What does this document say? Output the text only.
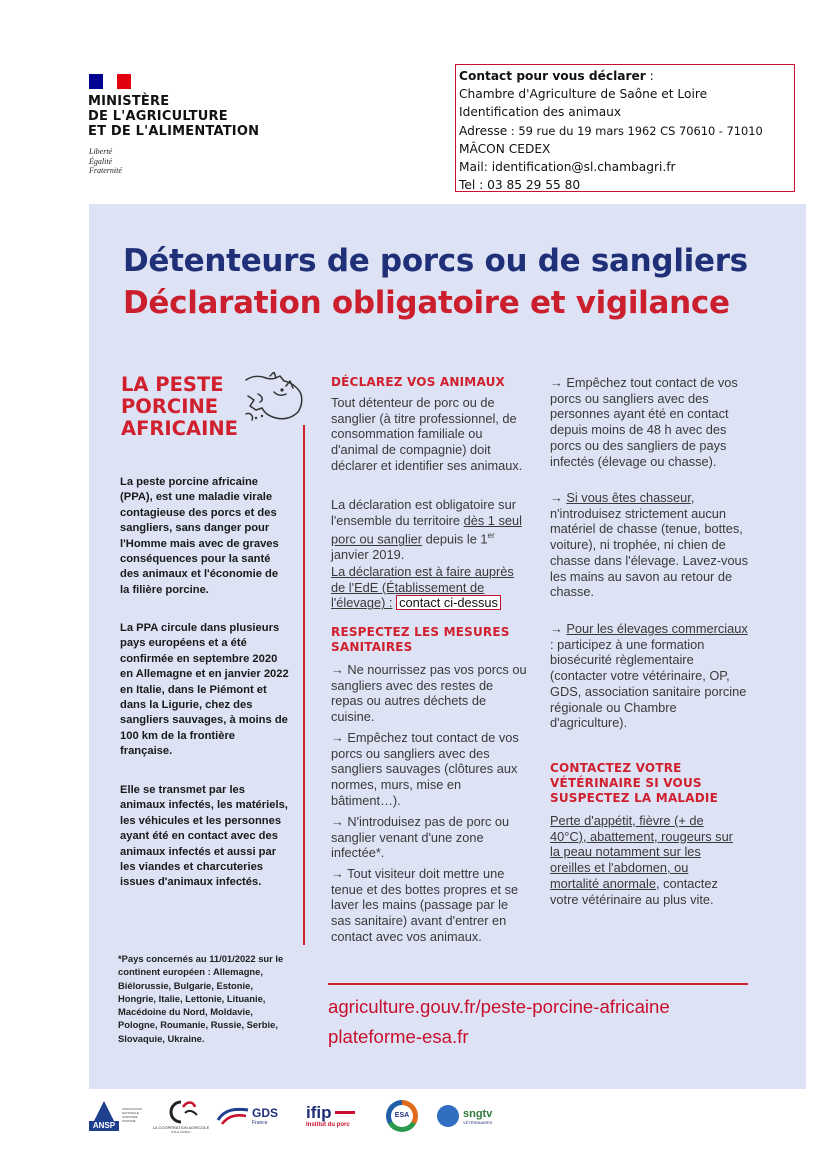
MINISTÈRE
DE L'AGRICULTURE
ET DE L'ALIMENTATION
Liberté
Égalité
Fraternité
Contact pour vous déclarer :
Chambre d'Agriculture de Saône et Loire
Identification des animaux
Adresse : 59 rue du 19 mars 1962 CS 70610 - 71010
MÂCON CEDEX
Mail: identification@sl.chambagri.fr
Tel : 03 85 29 55 80
Détenteurs de porcs ou de sangliers
Déclaration obligatoire et vigilance
LA PESTE
PORCINE
AFRICAINE
La peste porcine africaine (PPA), est une maladie virale contagieuse des porcs et des sangliers, sans danger pour l'Homme mais avec de graves conséquences pour la santé des animaux et l'économie de la filière porcine.
La PPA circule dans plusieurs pays européens et a été confirmée en septembre 2020 en Allemagne et en janvier 2022 en Italie, dans le Piémont et dans la Ligurie, chez des sangliers sauvages, à moins de 100 km de la frontière française.
Elle se transmet par les animaux infectés, les matériels, les véhicules et les personnes ayant été en contact avec des animaux infectés et aussi par les viandes et charcuteries issues d'animaux infectés.
*Pays concernés au 11/01/2022 sur le continent européen : Allemagne, Biélorussie, Bulgarie, Estonie, Hongrie, Italie, Lettonie, Lituanie, Macédoine du Nord, Moldavie, Pologne, Roumanie, Russie, Serbie, Slovaquie, Ukraine.
DÉCLAREZ VOS ANIMAUX
Tout détenteur de porc ou de sanglier (à titre professionnel, de consommation familiale ou d'animal de compagnie) doit déclarer et identifier ses animaux.
La déclaration est obligatoire sur l'ensemble du territoire dès 1 seul porc ou sanglier depuis le 1er janvier 2019.
La déclaration est à faire auprès de l'EdE (Établissement de l'élevage) : contact ci-dessus
RESPECTEZ LES MESURES SANITAIRES
→ Ne nourrissez pas vos porcs ou sangliers avec des restes de repas ou autres déchets de cuisine.
→ Empêchez tout contact de vos porcs ou sangliers avec des sangliers sauvages (clôtures aux normes, murs, mise en bâtiment…).
→ N'introduisez pas de porc ou sanglier venant d'une zone infectée*.
→ Tout visiteur doit mettre une tenue et des bottes propres et se laver les mains (passage par le sas sanitaire) avant d'entrer en contact avec vos animaux.
→ Empêchez tout contact de vos porcs ou sangliers avec des personnes ayant été en contact depuis moins de 48 h avec des porcs ou des sangliers de pays infectés (élevage ou chasse).
→ Si vous êtes chasseur, n'introduisez strictement aucun matériel de chasse (tenue, bottes, voiture), ni trophée, ni chien de chasse dans l'élevage. Lavez-vous les mains au savon au retour de chasse.
→ Pour les élevages commerciaux : participez à une formation biosécurité règlementaire (contacter votre vétérinaire, OP, GDS, association sanitaire porcine régionale ou Chambre d'agriculture).
CONTACTEZ VOTRE VÉTÉRINAIRE SI VOUS SUSPECTEZ LA MALADIE
Perte d'appétit, fièvre (+ de 40°C), abattement, rougeurs sur la peau notamment sur les oreilles et l'abdomen, ou mortalité anormale, contactez votre vétérinaire au plus vite.
agriculture.gouv.fr/peste-porcine-africaine
plateforme-esa.fr
ANSP
ASSOCIATION NATIONALE SANITAIRE PORCINE
LA COOPÉRATION AGRICOLE
PÔLE ANIMAL
GDS
France
ifip
Institut du porc
ESA	sngtv
VÉTÉRINAIRES
